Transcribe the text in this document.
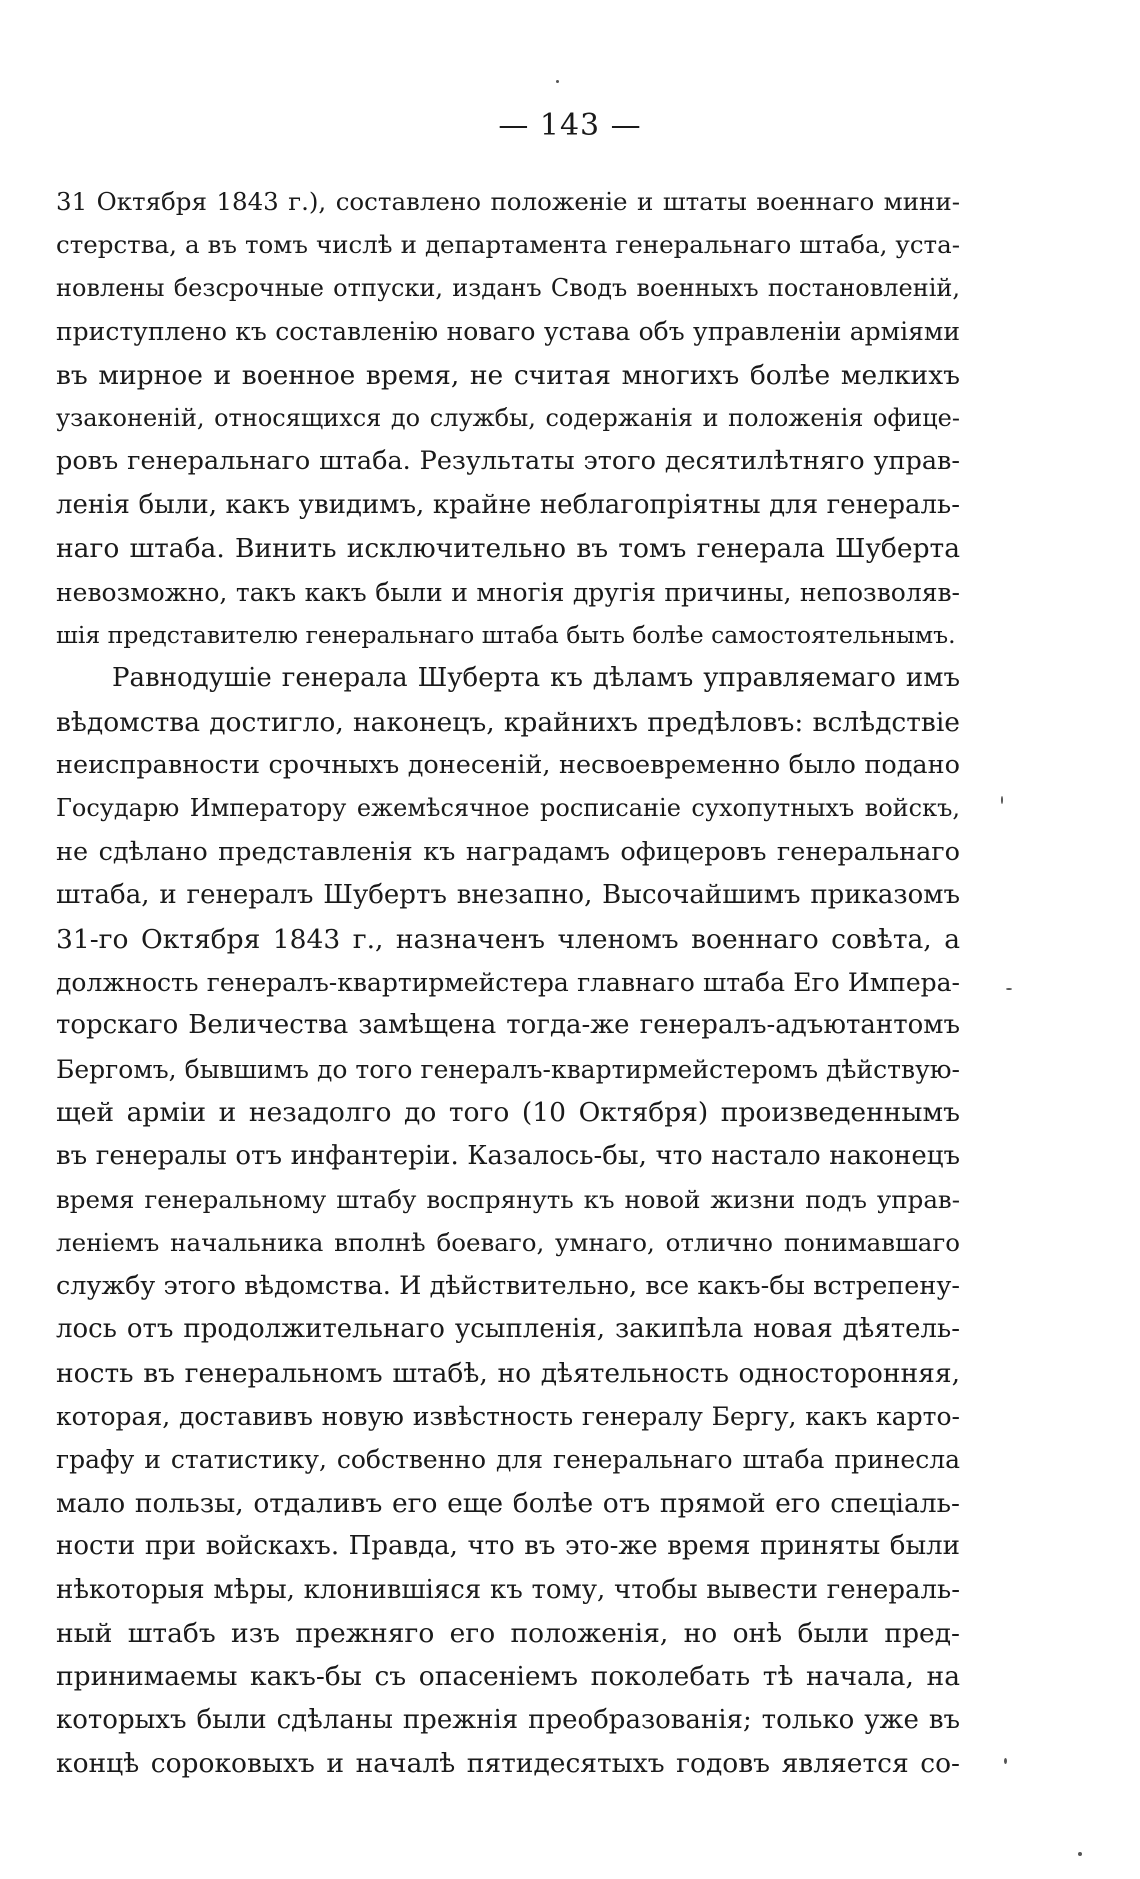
— 143 —
31 Октября 1843 г.), составлено положеніе и штаты военнаго мини-
стерства, а въ томъ числѣ и департамента генеральнаго штаба, уста-
новлены безсрочные отпуски, изданъ Сводъ военныхъ постановленій,
приступлено къ составленію новаго устава объ управленіи арміями
въ мирное и военное время, не считая многихъ болѣе мелкихъ
узаконеній, относящихся до службы, содержанія и положенія офице-
ровъ генеральнаго штаба. Результаты этого десятилѣтняго управ-
ленія были, какъ увидимъ, крайне неблагопріятны для генераль-
наго штаба. Винить исключительно въ томъ генерала Шуберта
невозможно, такъ какъ были и многія другія причины, непозволяв-
шія представителю генеральнаго штаба быть болѣе самостоятельнымъ.
Равнодушіе генерала Шуберта къ дѣламъ управляемаго имъ
вѣдомства достигло, наконецъ, крайнихъ предѣловъ: вслѣдствіе
неисправности срочныхъ донесеній, несвоевременно было подано
Государю Императору ежемѣсячное росписаніе сухопутныхъ войскъ,
не сдѣлано представленія къ наградамъ офицеровъ генеральнаго
штаба, и генералъ Шубертъ внезапно, Высочайшимъ приказомъ
31-го Октября 1843 г., назначенъ членомъ военнаго совѣта, а
должность генералъ-квартирмейстера главнаго штаба Его Импера-
торскаго Величества замѣщена тогда-же генералъ-адъютантомъ
Бергомъ, бывшимъ до того генералъ-квартирмейстеромъ дѣйствую-
щей арміи и незадолго до того (10 Октября) произведеннымъ
въ генералы отъ инфантеріи. Казалось-бы, что настало наконецъ
время генеральному штабу воспрянуть къ новой жизни подъ управ-
леніемъ начальника вполнѣ боеваго, умнаго, отлично понимавшаго
службу этого вѣдомства. И дѣйствительно, все какъ-бы встрепену-
лось отъ продолжительнаго усыпленія, закипѣла новая дѣятель-
ность въ генеральномъ штабѣ, но дѣятельность односторонняя,
которая, доставивъ новую извѣстность генералу Бергу, какъ карто-
графу и статистику, собственно для генеральнаго штаба принесла
мало пользы, отдаливъ его еще болѣе отъ прямой его спеціаль-
ности при войскахъ. Правда, что въ это-же время приняты были
нѣкоторыя мѣры, клонившіяся къ тому, чтобы вывести генераль-
ный штабъ изъ прежняго его положенія, но онѣ были пред-
принимаемы какъ-бы съ опасеніемъ поколебать тѣ начала, на
которыхъ были сдѣланы прежнія преобразованія; только уже въ
концѣ сороковыхъ и началѣ пятидесятыхъ годовъ является со-
